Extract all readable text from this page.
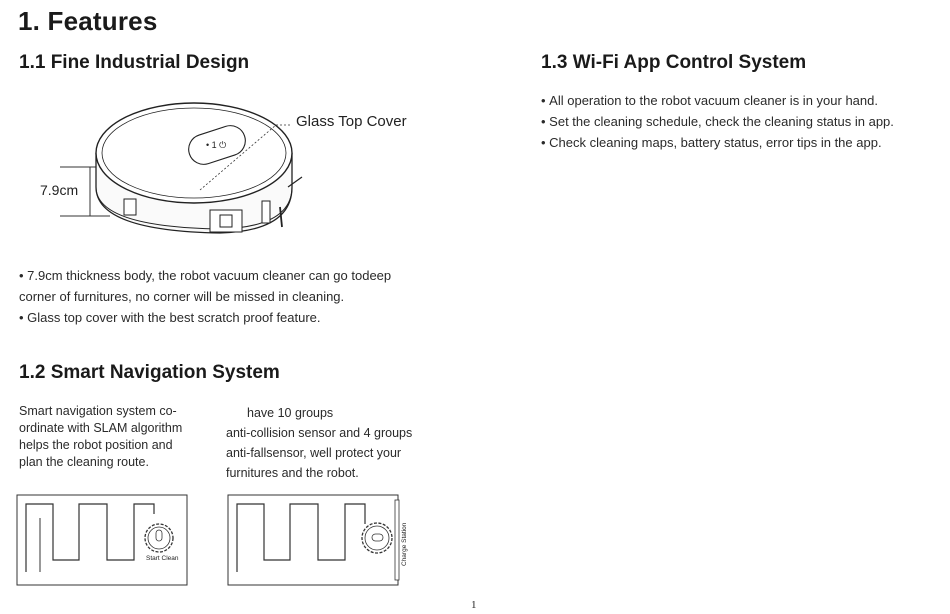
1. Features
1.1 Fine Industrial Design
• 1 ⏻
Glass Top Cover
7.9cm
• 7.9cm thickness body, the robot vacuum cleaner can go todeep
corner of furnitures, no corner will be missed in cleaning.
• Glass top cover with the best scratch proof feature.
1.2 Smart Navigation System
Smart navigation system co-
ordinate with SLAM algorithm
helps the robot position and
plan the cleaning route.
have 10 groups
anti-collision sensor and 4 groups
anti-fallsensor, well protect your
furnitures and the robot.
Start Clean	Charge Station
1.3 Wi-Fi App Control System
• All operation to the robot vacuum cleaner is in your hand.
• Set the cleaning schedule, check the cleaning status in app.
• Check cleaning maps, battery status, error tips in the app.
1
